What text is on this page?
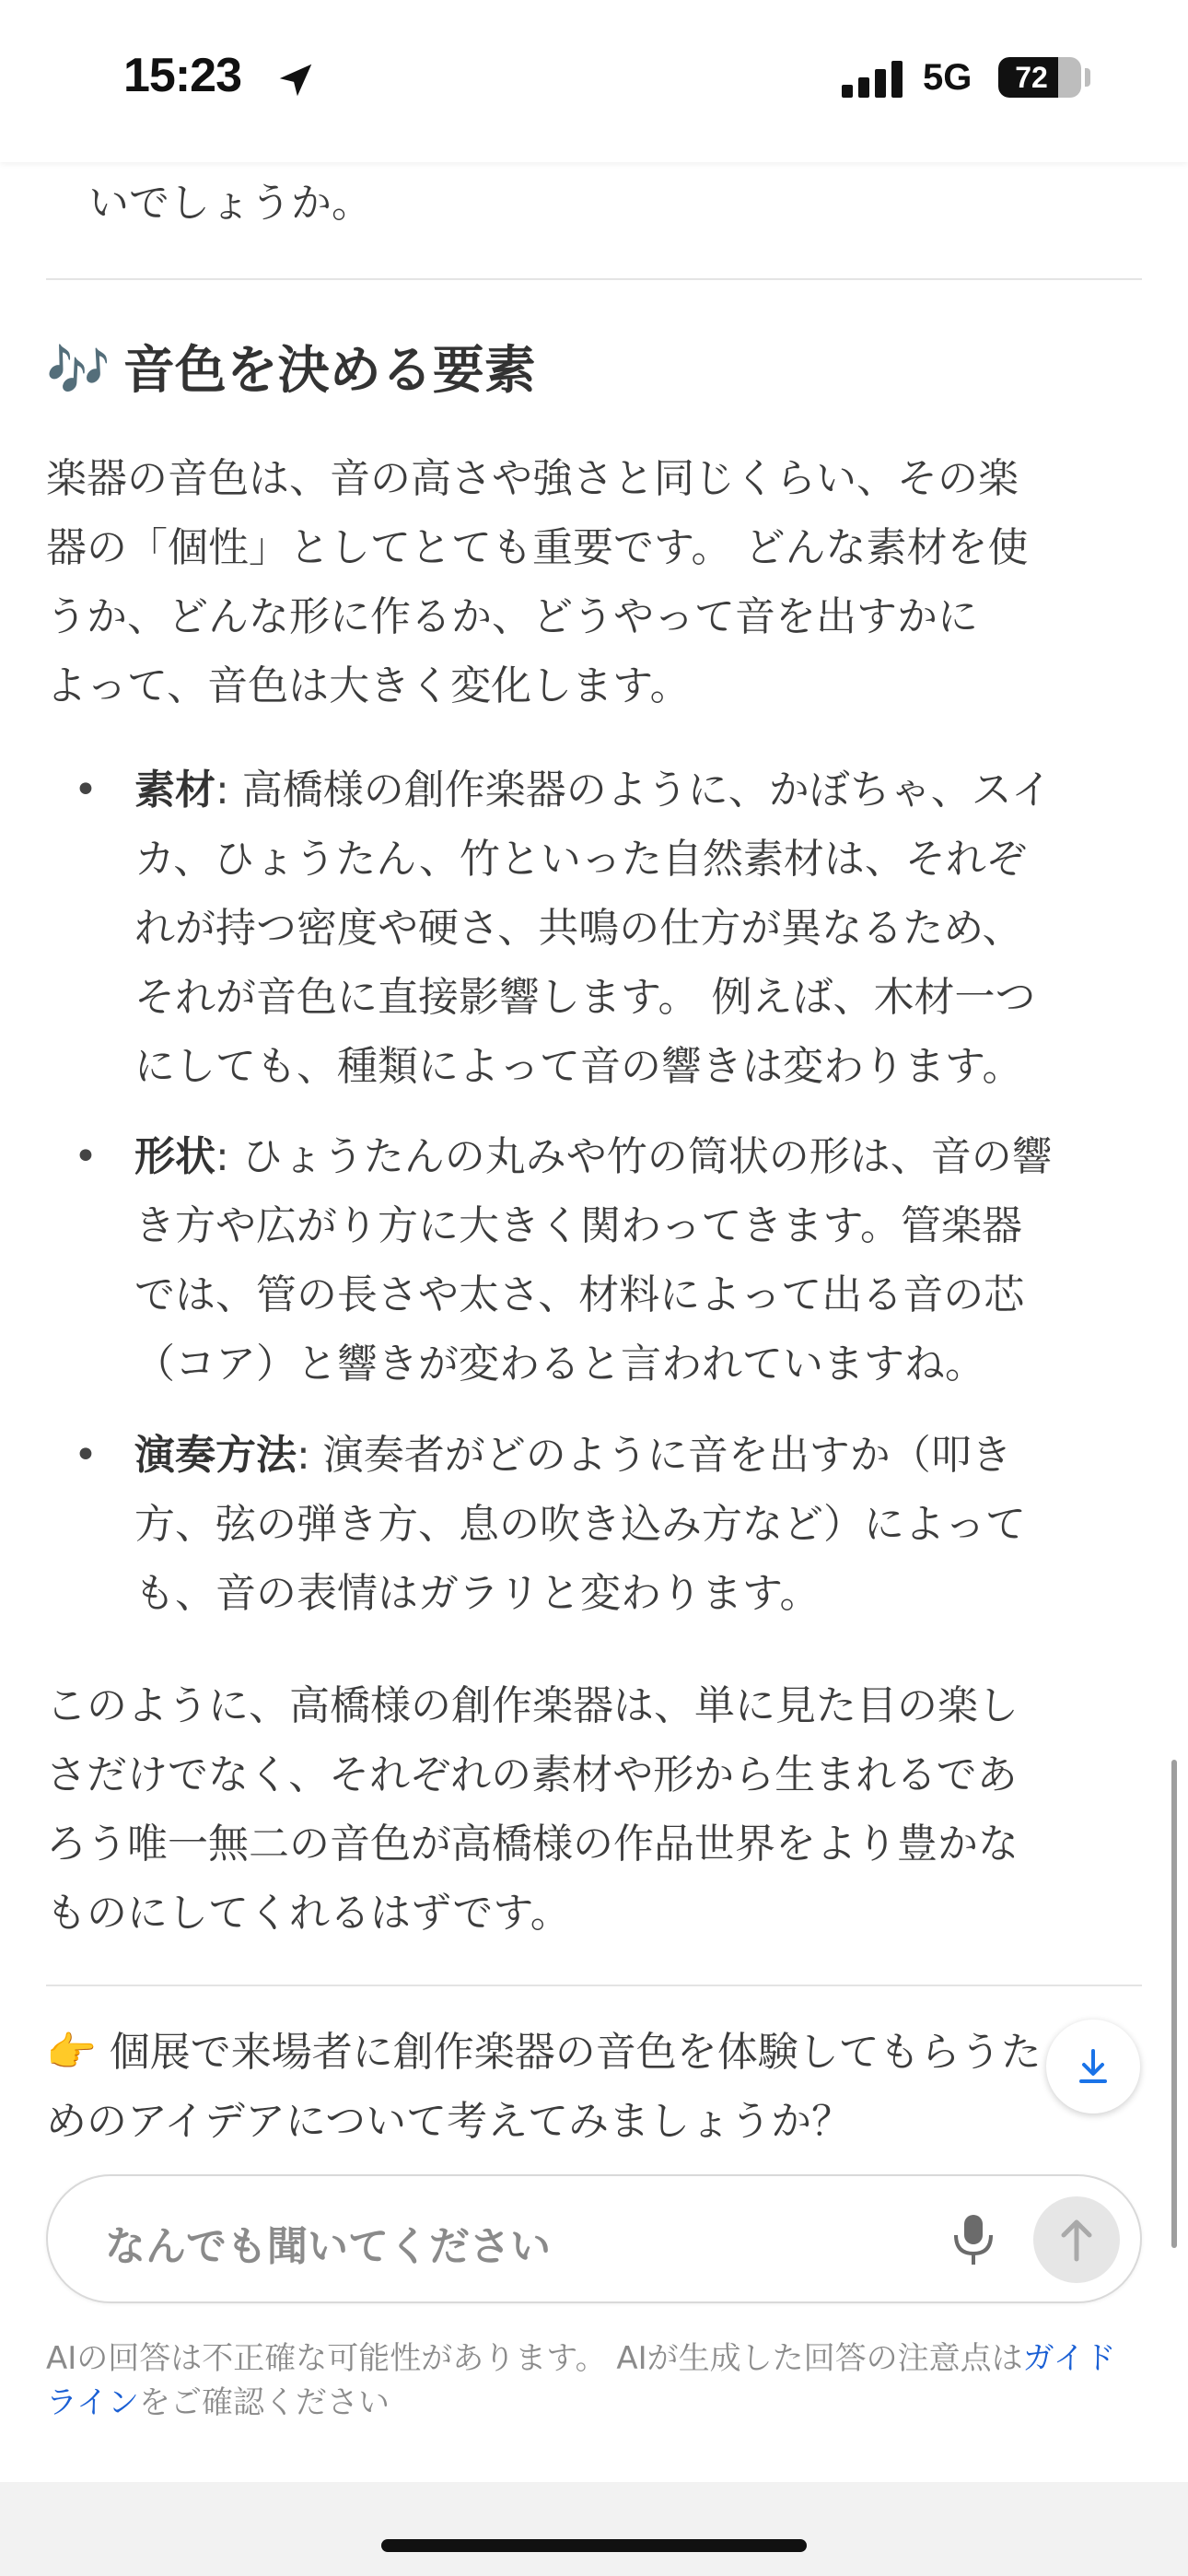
15:23	5G	72
いでしょうか。
🎶 音色を決める要素
楽器の音色は、音の高さや強さと同じくらい、その楽
器の「個性」としてとても重要です。 どんな素材を使
うか、どんな形に作るか、どうやって音を出すかに
よって、音色は大きく変化します。
• 素材: 高橋様の創作楽器のように、かぼちゃ、スイ
カ、ひょうたん、竹といった自然素材は、それぞ
れが持つ密度や硬さ、共鳴の仕方が異なるため、
それが音色に直接影響します。 例えば、木材一つ
にしても、種類によって音の響きは変わります。
• 形状: ひょうたんの丸みや竹の筒状の形は、音の響
き方や広がり方に大きく関わってきます。管楽器
では、管の長さや太さ、材料によって出る音の芯
（コア）と響きが変わると言われていますね。
• 演奏方法: 演奏者がどのように音を出すか（叩き
方、弦の弾き方、息の吹き込み方など）によって
も、音の表情はガラリと変わります。
このように、高橋様の創作楽器は、単に見た目の楽し
さだけでなく、それぞれの素材や形から生まれるであ
ろう唯一無二の音色が高橋様の作品世界をより豊かな
ものにしてくれるはずです。
👉 個展で来場者に創作楽器の音色を体験してもらうた
めのアイデアについて考えてみましょうか？
なんでも聞いてください
AIの回答は不正確な可能性があります。 AIが生成した回答の注意点はガイドラインをご確認ください
